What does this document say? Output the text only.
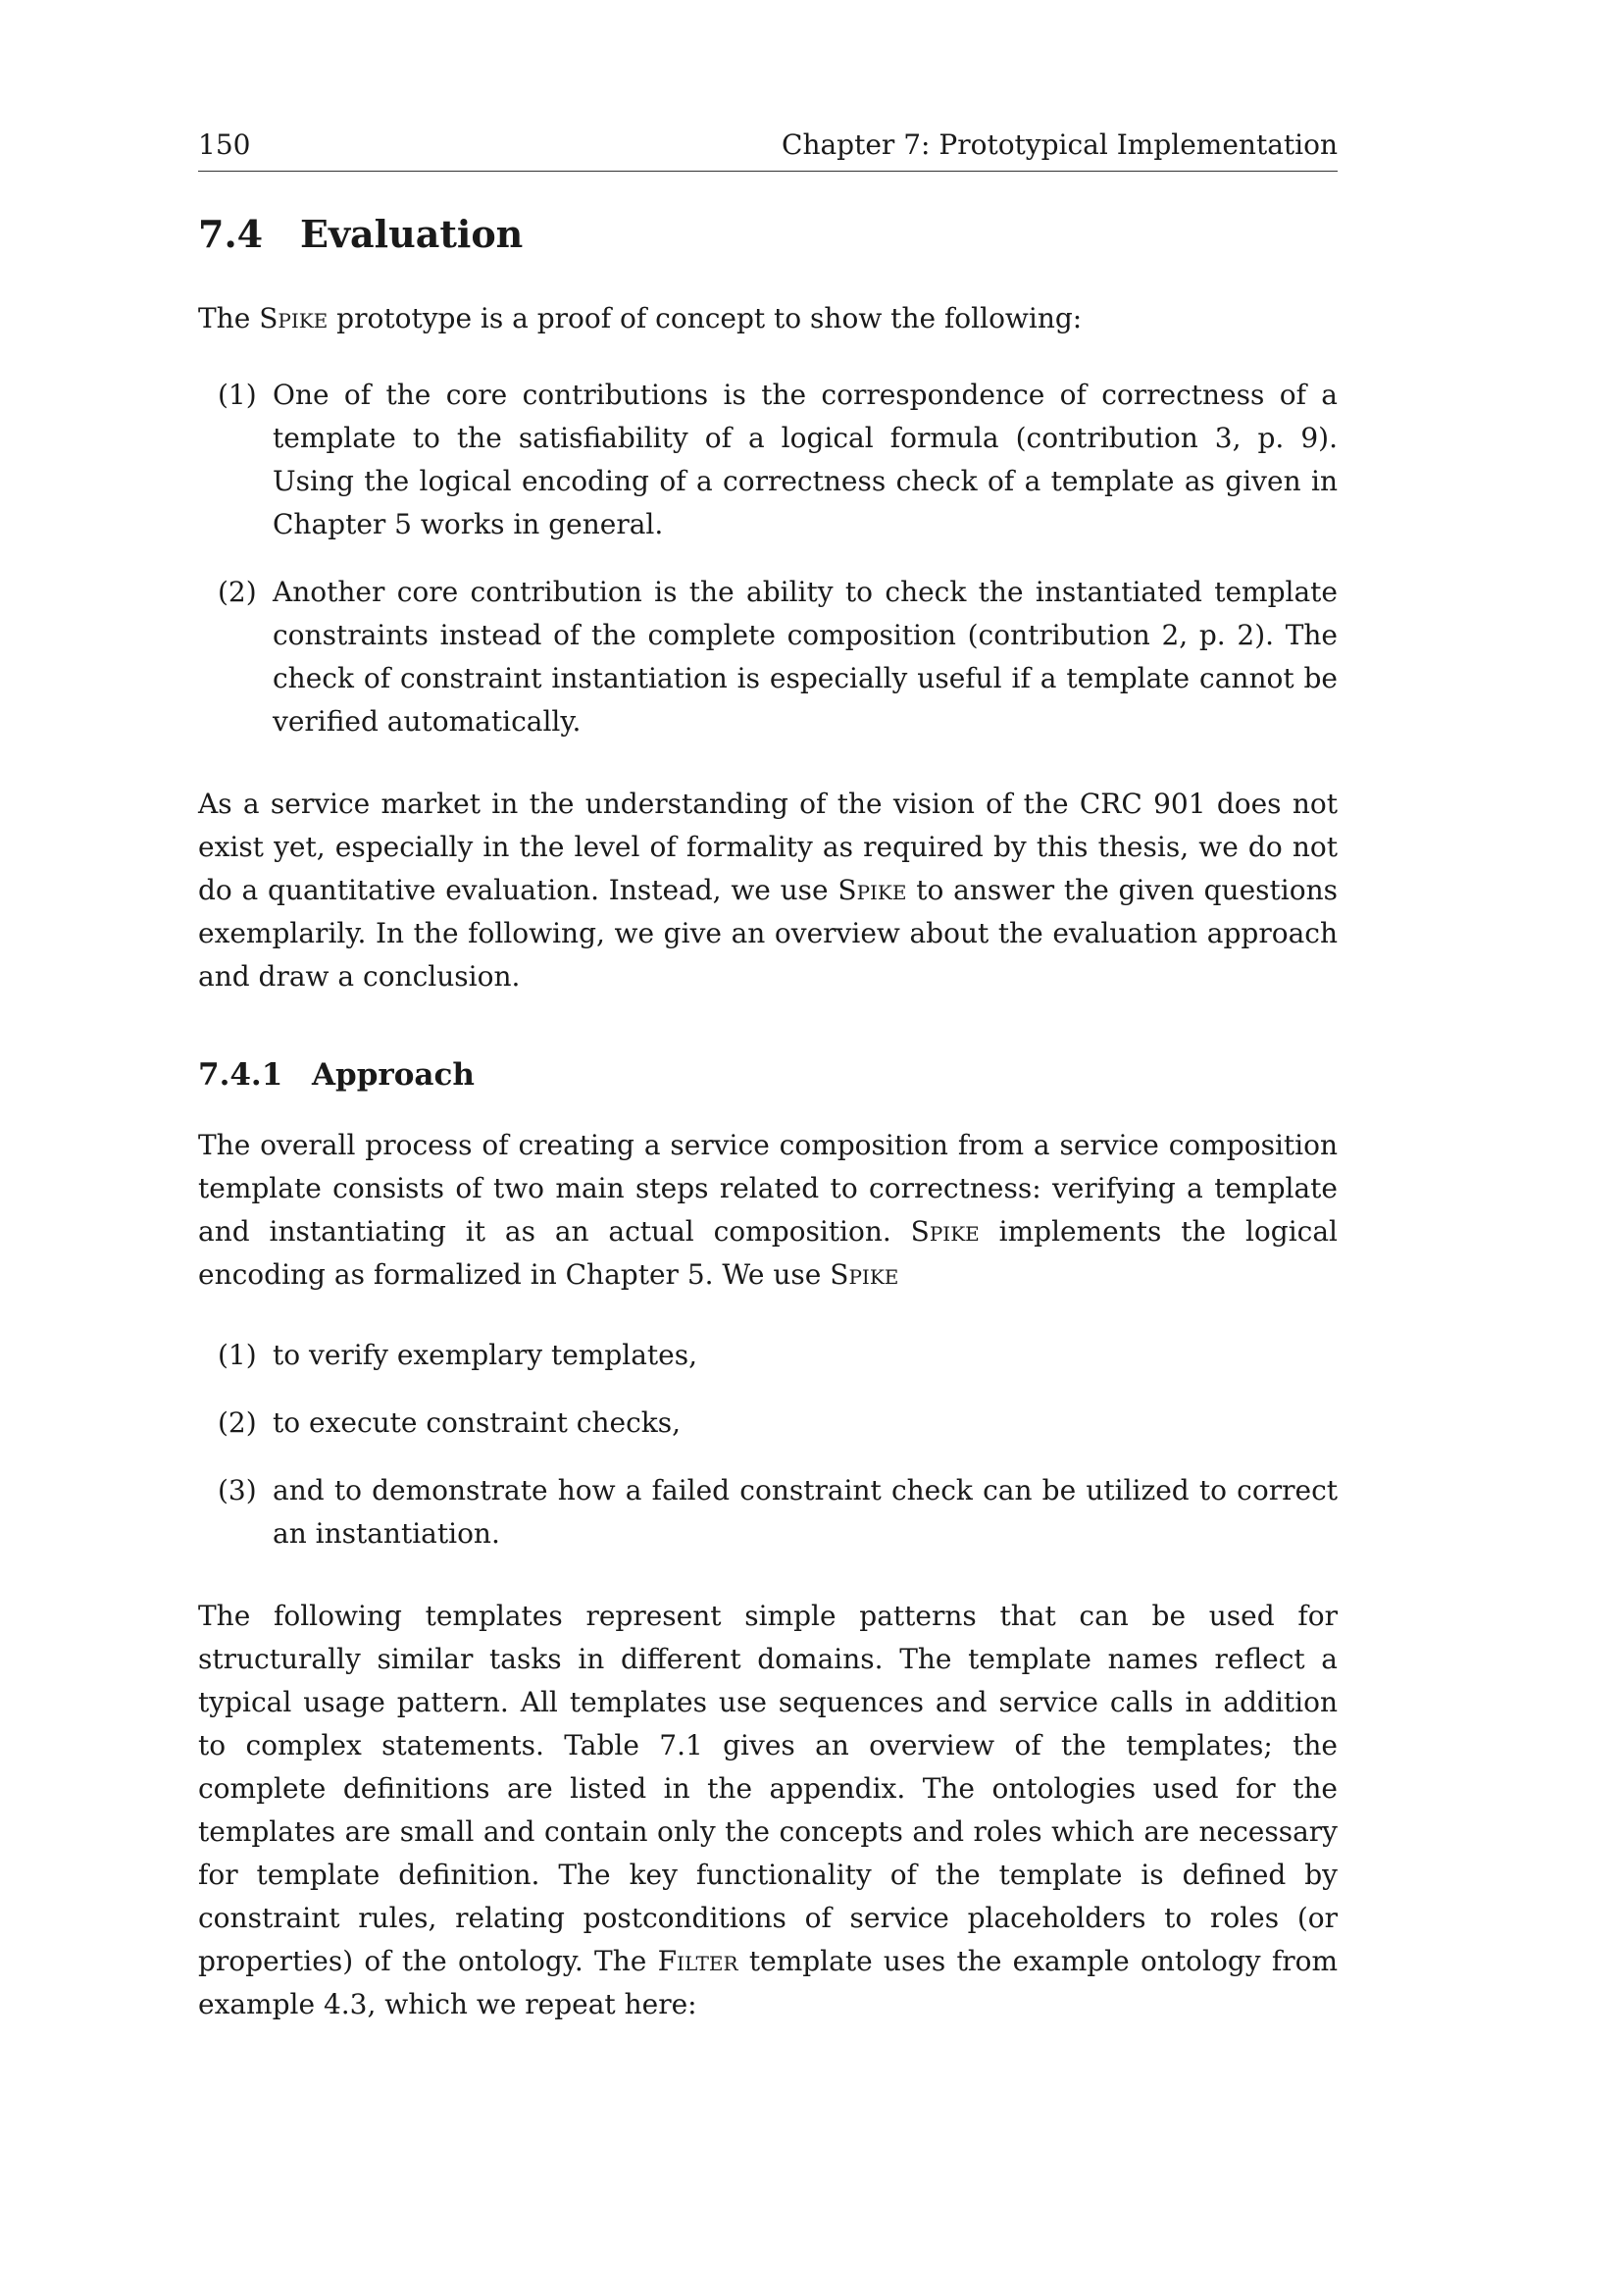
150	Chapter 7: Prototypical Implementation
7.4 Evaluation

The Spike prototype is a proof of concept to show the following:

(1) One of the core contributions is the correspondence of correctness of a template to the satisfiability of a logical formula (contribution 3, p. 9). Using the logical encoding of a correctness check of a template as given in Chapter 5 works in general.
(2) Another core contribution is the ability to check the instantiated template constraints instead of the complete composition (contribution 2, p. 2). The check of constraint instantiation is especially useful if a template cannot be verified automatically.

As a service market in the understanding of the vision of the CRC 901 does not exist yet, especially in the level of formality as required by this thesis, we do not do a quantitative evaluation. Instead, we use Spike to answer the given questions exemplarily. In the following, we give an overview about the evaluation approach and draw a conclusion.

7.4.1 Approach

The overall process of creating a service composition from a service composition template consists of two main steps related to correctness: verifying a template and instantiating it as an actual composition. Spike implements the logical encoding as formalized in Chapter 5. We use Spike

(1) to verify exemplary templates,
(2) to execute constraint checks,
(3) and to demonstrate how a failed constraint check can be utilized to correct an instantiation.

The following templates represent simple patterns that can be used for structurally similar tasks in different domains. The template names reflect a typical usage pattern. All templates use sequences and service calls in addition to complex statements. Table 7.1 gives an overview of the templates; the complete definitions are listed in the appendix. The ontologies used for the templates are small and contain only the concepts and roles which are necessary for template definition. The key functionality of the template is defined by constraint rules, relating postconditions of service placeholders to roles (or properties) of the ontology. The Filter template uses the example ontology from example 4.3, which we repeat here:
